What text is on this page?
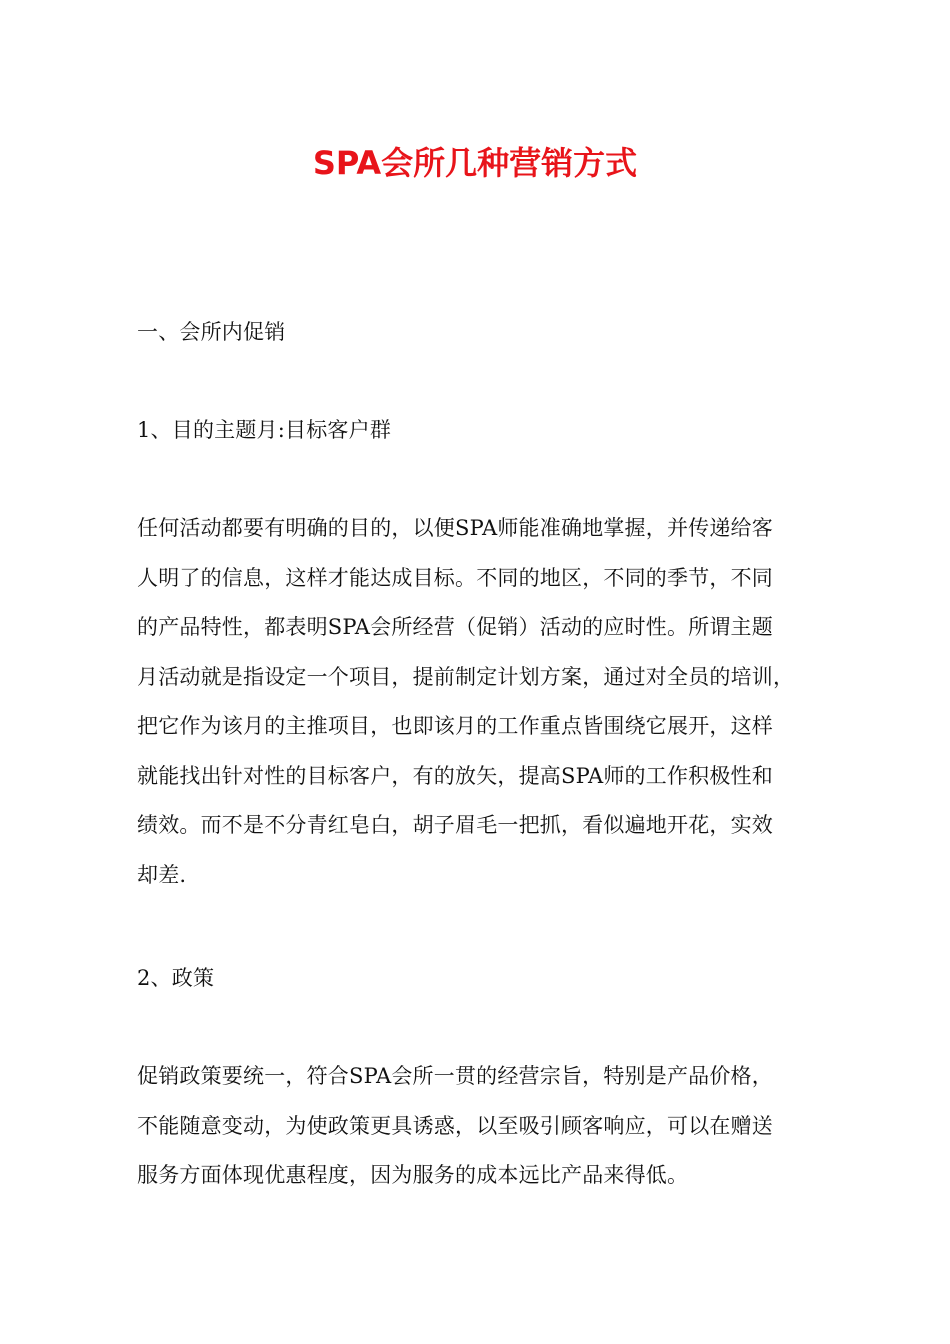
SPA会所几种营销方式

一、会所内促销

1、目的主题月:目标客户群

任何活动都要有明确的目的，以便SPA师能准确地掌握，并传递给客
人明了的信息，这样才能达成目标。不同的地区，不同的季节，不同
的产品特性，都表明SPA会所经营（促销）活动的应时性。所谓主题
月活动就是指设定一个项目，提前制定计划方案，通过对全员的培训，
把它作为该月的主推项目，也即该月的工作重点皆围绕它展开，这样
就能找出针对性的目标客户，有的放矢，提高SPA师的工作积极性和
绩效。而不是不分青红皂白，胡子眉毛一把抓，看似遍地开花，实效
却差.

2、政策

促销政策要统一，符合SPA会所一贯的经营宗旨，特别是产品价格，
不能随意变动，为使政策更具诱惑，以至吸引顾客响应，可以在赠送
服务方面体现优惠程度，因为服务的成本远比产品来得低。
